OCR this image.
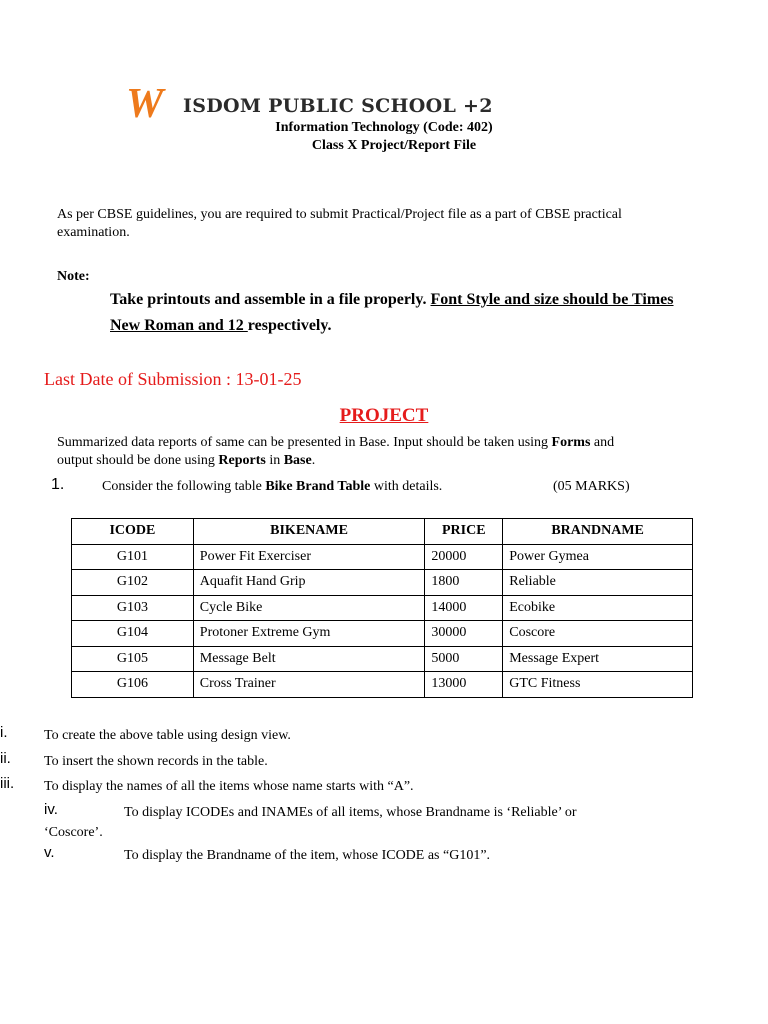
W ISDOM PUBLIC SCHOOL +2
Information Technology (Code: 402)
Class X Project/Report File
As per CBSE guidelines, you are required to submit Practical/Project file as a part of CBSE practical examination.
Note:
Take printouts and assemble in a file properly. Font Style and size should be Times
New Roman and 12 respectively.
Last Date of Submission : 13-01-25
PROJECT
Summarized data reports of same can be presented in Base. Input should be taken using Forms and
output should be done using Reports in Base.
1.	Consider the following table Bike Brand Table with details.	(05 MARKS)
ICODE	BIKENAME	PRICE	BRANDNAME
G101	Power Fit Exerciser	20000	Power Gymea
G102	Aquafit Hand Grip	1800	Reliable
G103	Cycle Bike	14000	Ecobike
G104	Protoner Extreme Gym	30000	Coscore
G105	Message Belt	5000	Message Expert
G106	Cross Trainer	13000	GTC Fitness
i.	To create the above table using design view.
ii. To insert the shown records in the table.
iii. To display the names of all the items whose name starts with “A”.
iv.	To display ICODEs and INAMEs of all items, whose Brandname is ‘Reliable’ or
‘Coscore’.
v.	To display the Brandname of the item, whose ICODE as “G101”.
